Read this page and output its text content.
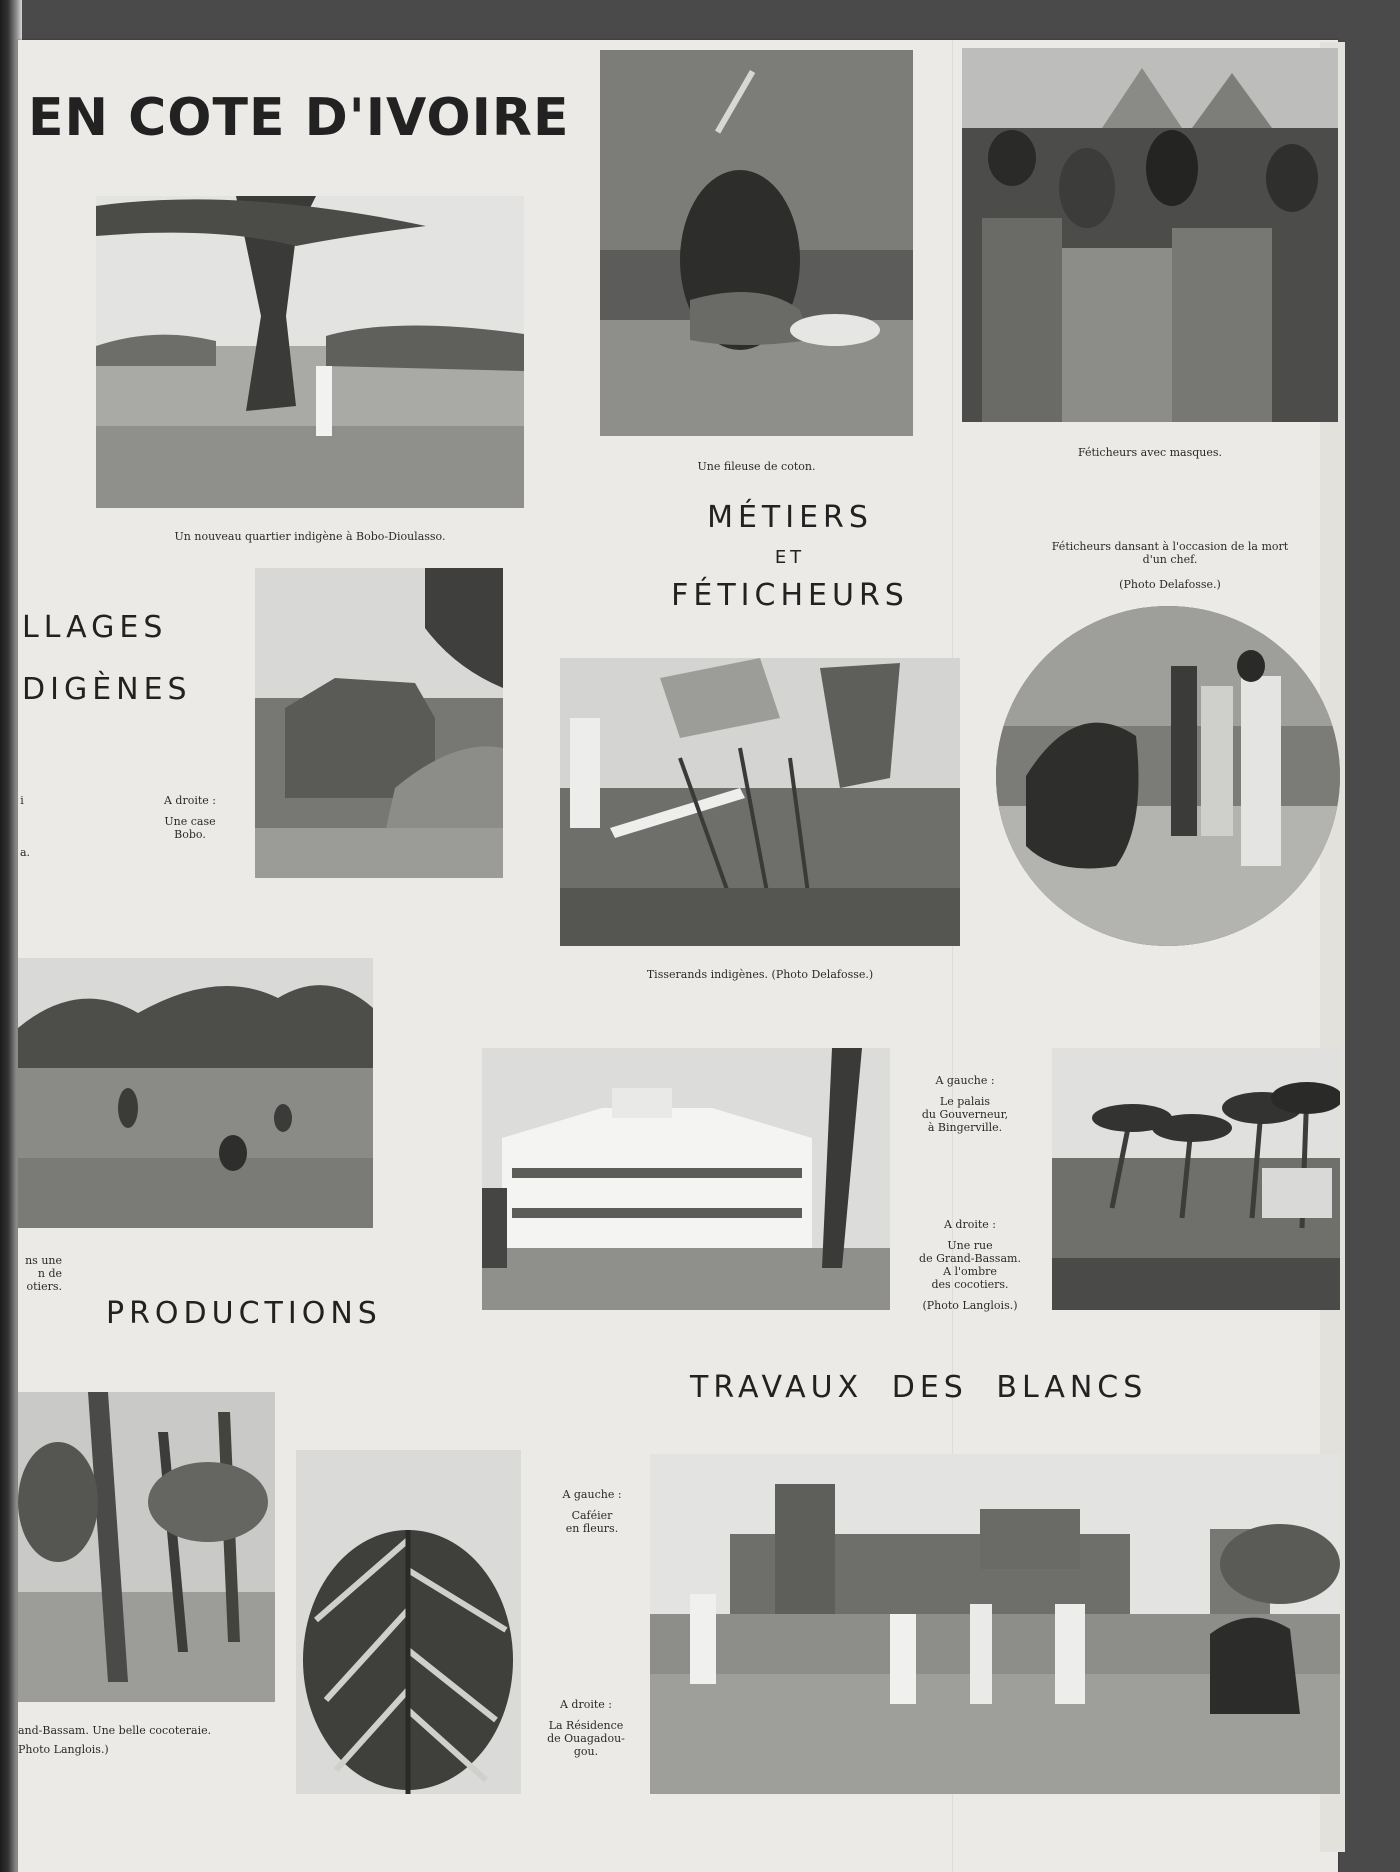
EN COTE D'IVOIRE
LLAGES
DIGÈNES
MÉTIERS
ET
FÉTICHEURS
PRODUCTIONS
TRAVAUX DES BLANCS
Un nouveau quartier indigène à Bobo-Dioulasso.
Une fileuse de coton.
Féticheurs avec masques.
Féticheurs dansant à l'occasion de la mort
d'un chef.
(Photo Delafosse.)
A droite :
Une case
Bobo.
i
a.
Tisserands indigènes. (Photo Delafosse.)
ns une
n de
otiers.
A gauche :
Le palais
du Gouverneur,
à Bingerville.
A droite :
Une rue
de Grand-Bassam.
A l'ombre
des cocotiers.
(Photo Langlois.)
and-Bassam. Une belle cocoteraie.
Photo Langlois.)
A gauche :
Caféier
en fleurs.
A droite :
La Résidence
de Ouagadou-
gou.
